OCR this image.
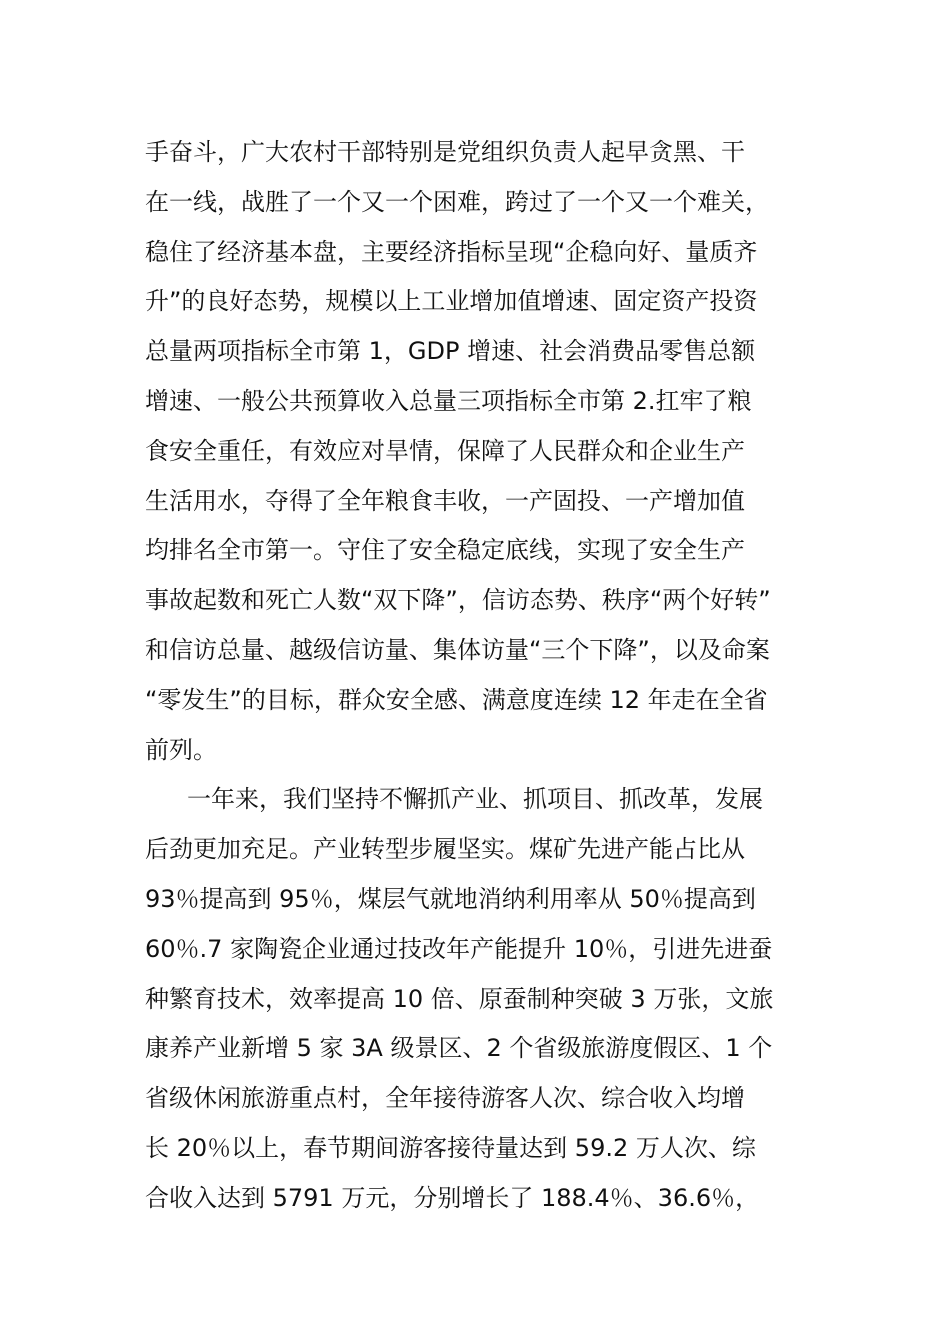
手奋斗，广大农村干部特别是党组织负责人起早贪黑、干
在一线，战胜了一个又一个困难，跨过了一个又一个难关，
稳住了经济基本盘，主要经济指标呈现“企稳向好、量质齐
升”的良好态势，规模以上工业增加值增速、固定资产投资
总量两项指标全市第 1，GDP 增速、社会消费品零售总额
增速、一般公共预算收入总量三项指标全市第 2.扛牢了粮
食安全重任，有效应对旱情，保障了人民群众和企业生产
生活用水，夺得了全年粮食丰收，一产固投、一产增加值
均排名全市第一。守住了安全稳定底线，实现了安全生产
事故起数和死亡人数“双下降”，信访态势、秩序“两个好转”
和信访总量、越级信访量、集体访量“三个下降”，以及命案
“零发生”的目标，群众安全感、满意度连续 12 年走在全省
前列。
一年来，我们坚持不懈抓产业、抓项目、抓改革，发展
后劲更加充足。产业转型步履坚实。煤矿先进产能占比从
93％提高到 95％，煤层气就地消纳利用率从 50％提高到
60％.7 家陶瓷企业通过技改年产能提升 10％，引进先进蚕
种繁育技术，效率提高 10 倍、原蚕制种突破 3 万张，文旅
康养产业新增 5 家 3A 级景区、2 个省级旅游度假区、1 个
省级休闲旅游重点村，全年接待游客人次、综合收入均增
长 20％以上，春节期间游客接待量达到 59.2 万人次、综
合收入达到 5791 万元，分别增长了 188.4％、36.6％，
